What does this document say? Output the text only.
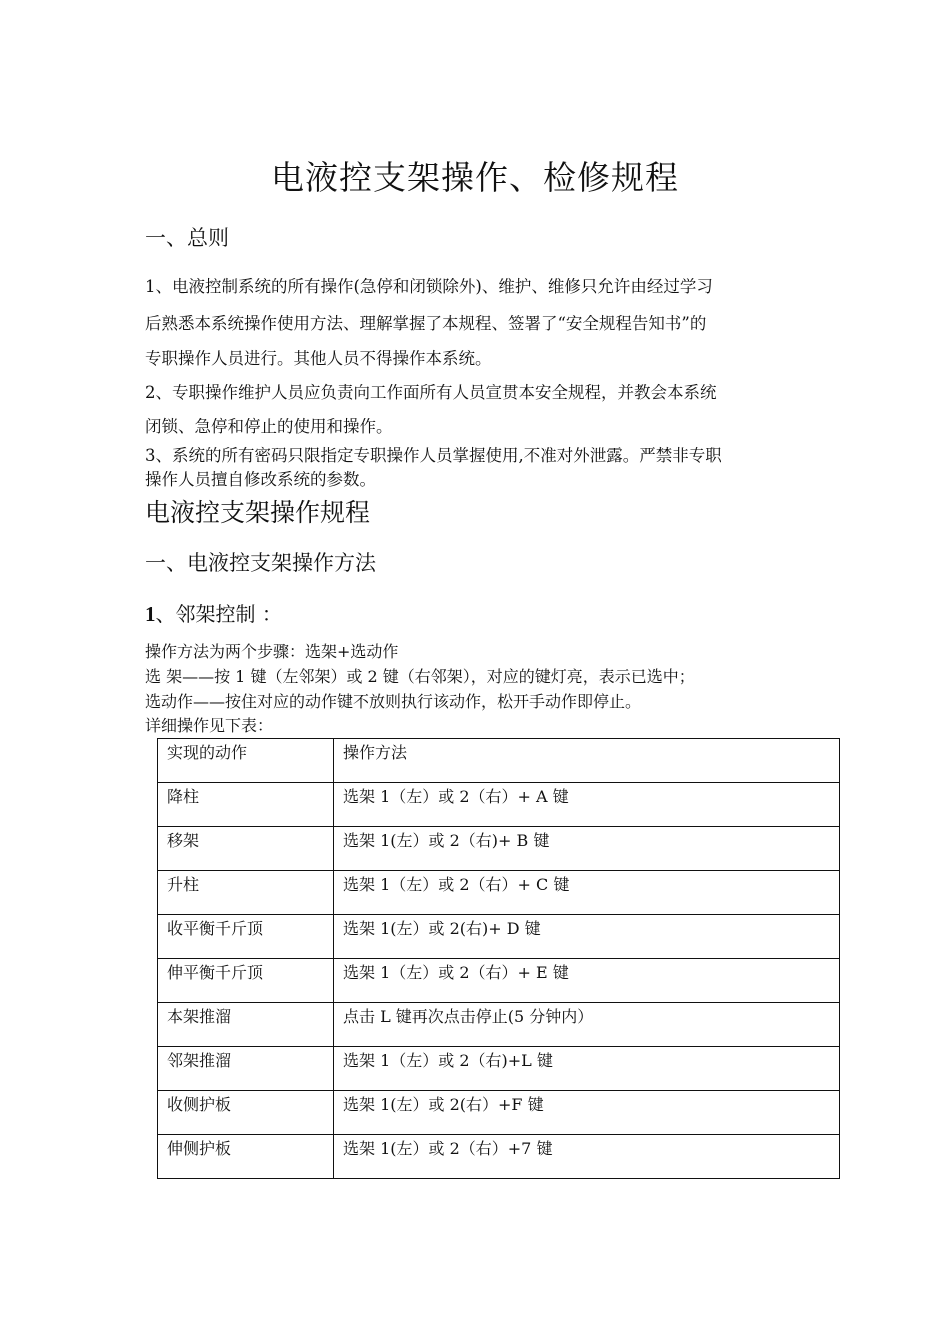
电液控支架操作、检修规程
一、总则
1、电液控制系统的所有操作(急停和闭锁除外)、维护、维修只允许由经过学习
后熟悉本系统操作使用方法、理解掌握了本规程、签署了“安全规程告知书”的
专职操作人员进行。其他人员不得操作本系统。
2、专职操作维护人员应负责向工作面所有人员宣贯本安全规程，并教会本系统
闭锁、急停和停止的使用和操作。
3、系统的所有密码只限指定专职操作人员掌握使用,不准对外泄露。严禁非专职
操作人员擅自修改系统的参数。
电液控支架操作规程
一、电液控支架操作方法
1、邻架控制 ：
操作方法为两个步骤：选架+选动作
选 架——按 1 键（左邻架）或 2 键（右邻架），对应的键灯亮，表示已选中；
选动作——按住对应的动作键不放则执行该动作，松开手动作即停止。
详细操作见下表：
实现的动作	操作方法
降柱	选架 1（左）或 2（右）+ A 键
移架	选架 1(左）或 2（右)+ B 键
升柱	选架 1（左）或 2（右）+ C 键
收平衡千斤顶	选架 1(左）或 2(右)+ D 键
伸平衡千斤顶	选架 1（左）或 2（右）+ E 键
本架推溜	点击 L 键再次点击停止(5 分钟内）
邻架推溜	选架 1（左）或 2（右)+L 键
收侧护板	选架 1(左）或 2(右）+F 键
伸侧护板	选架 1(左）或 2（右）+7 键
